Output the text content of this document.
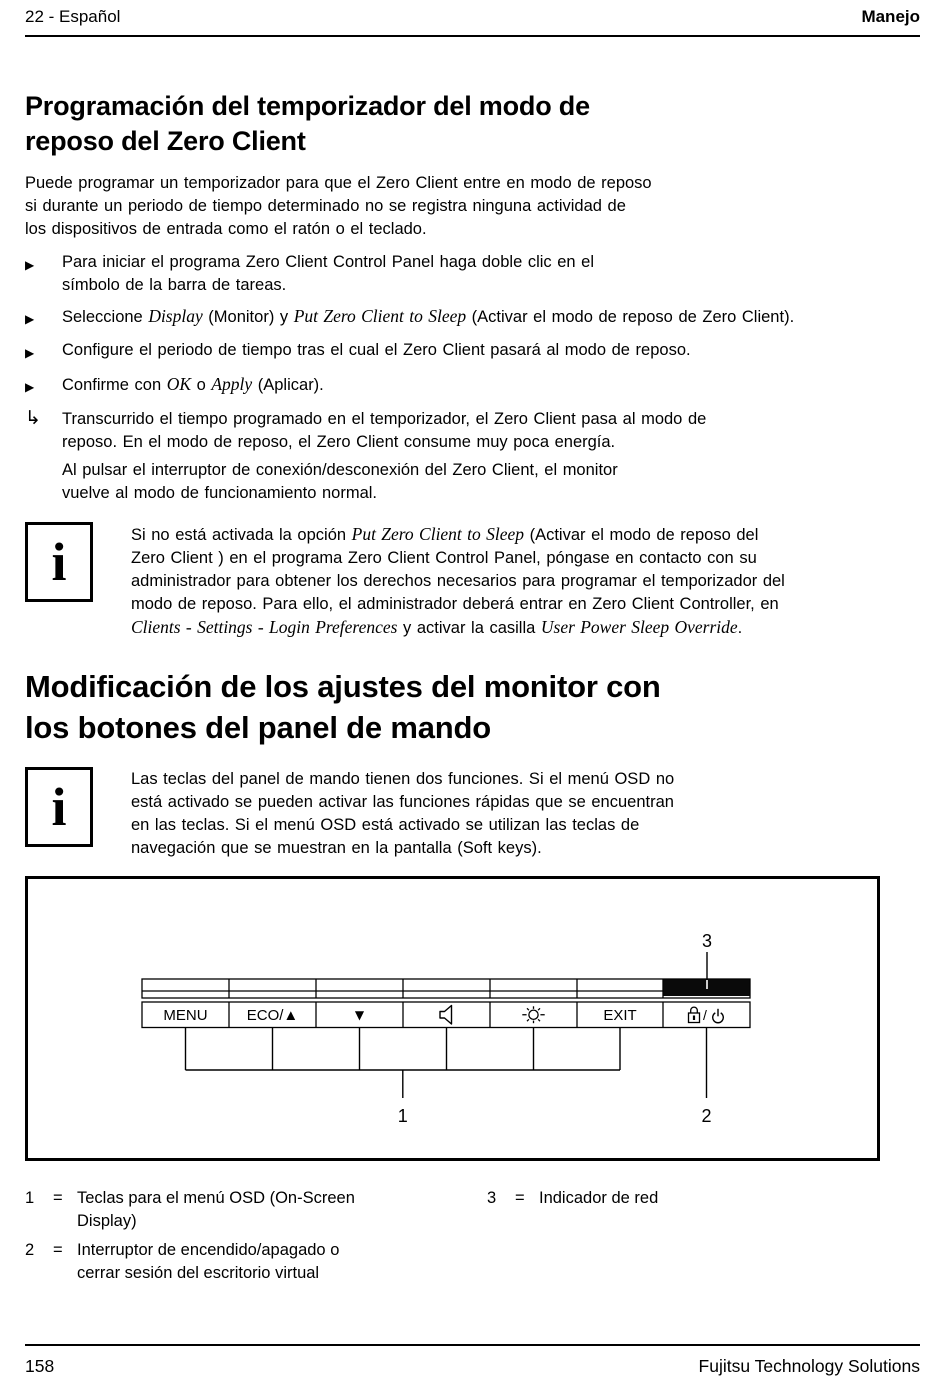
22 - Español	Manejo
Programación del temporizador del modo de
reposo del Zero Client
Puede programar un temporizador para que el Zero Client entre en modo de reposo
si durante un periodo de tiempo determinado no se registra ninguna actividad de
los dispositivos de entrada como el ratón o el teclado.
▶	Para iniciar el programa Zero Client Control Panel haga doble clic en el
símbolo de la barra de tareas.
▶	Seleccione Display (Monitor) y Put Zero Client to Sleep (Activar el modo de reposo de Zero Client).
▶	Configure el periodo de tiempo tras el cual el Zero Client pasará al modo de reposo.
▶	Confirme con OK o Apply (Aplicar).
↳	Transcurrido el tiempo programado en el temporizador, el Zero Client pasa al modo de
reposo. En el modo de reposo, el Zero Client consume muy poca energía.
Al pulsar el interruptor de conexión/desconexión del Zero Client, el monitor
vuelve al modo de funcionamiento normal.
i	Si no está activada la opción Put Zero Client to Sleep (Activar el modo de reposo del
Zero Client ) en el programa Zero Client Control Panel, póngase en contacto con su
administrador para obtener los derechos necesarios para programar el temporizador del
modo de reposo. Para ello, el administrador deberá entrar en Zero Client Controller, en
Clients - Settings - Login Preferences y activar la casilla User Power Sleep Override.
Modificación de los ajustes del monitor con
los botones del panel de mando
i	Las teclas del panel de mando tienen dos funciones. Si el menú OSD no
está activado se pueden activar las funciones rápidas que se encuentran
en las teclas. Si el menú OSD está activado se utilizan las teclas de
navegación que se muestran en la pantalla (Soft keys).
MENU	ECO/▲	▼	EXIT	/
1	2
3
1	= Teclas para el menú OSD (On-Screen
Display)
2	= Interruptor de encendido/apagado o
cerrar sesión del escritorio virtual
3	= Indicador de red
158	Fujitsu Technology Solutions
